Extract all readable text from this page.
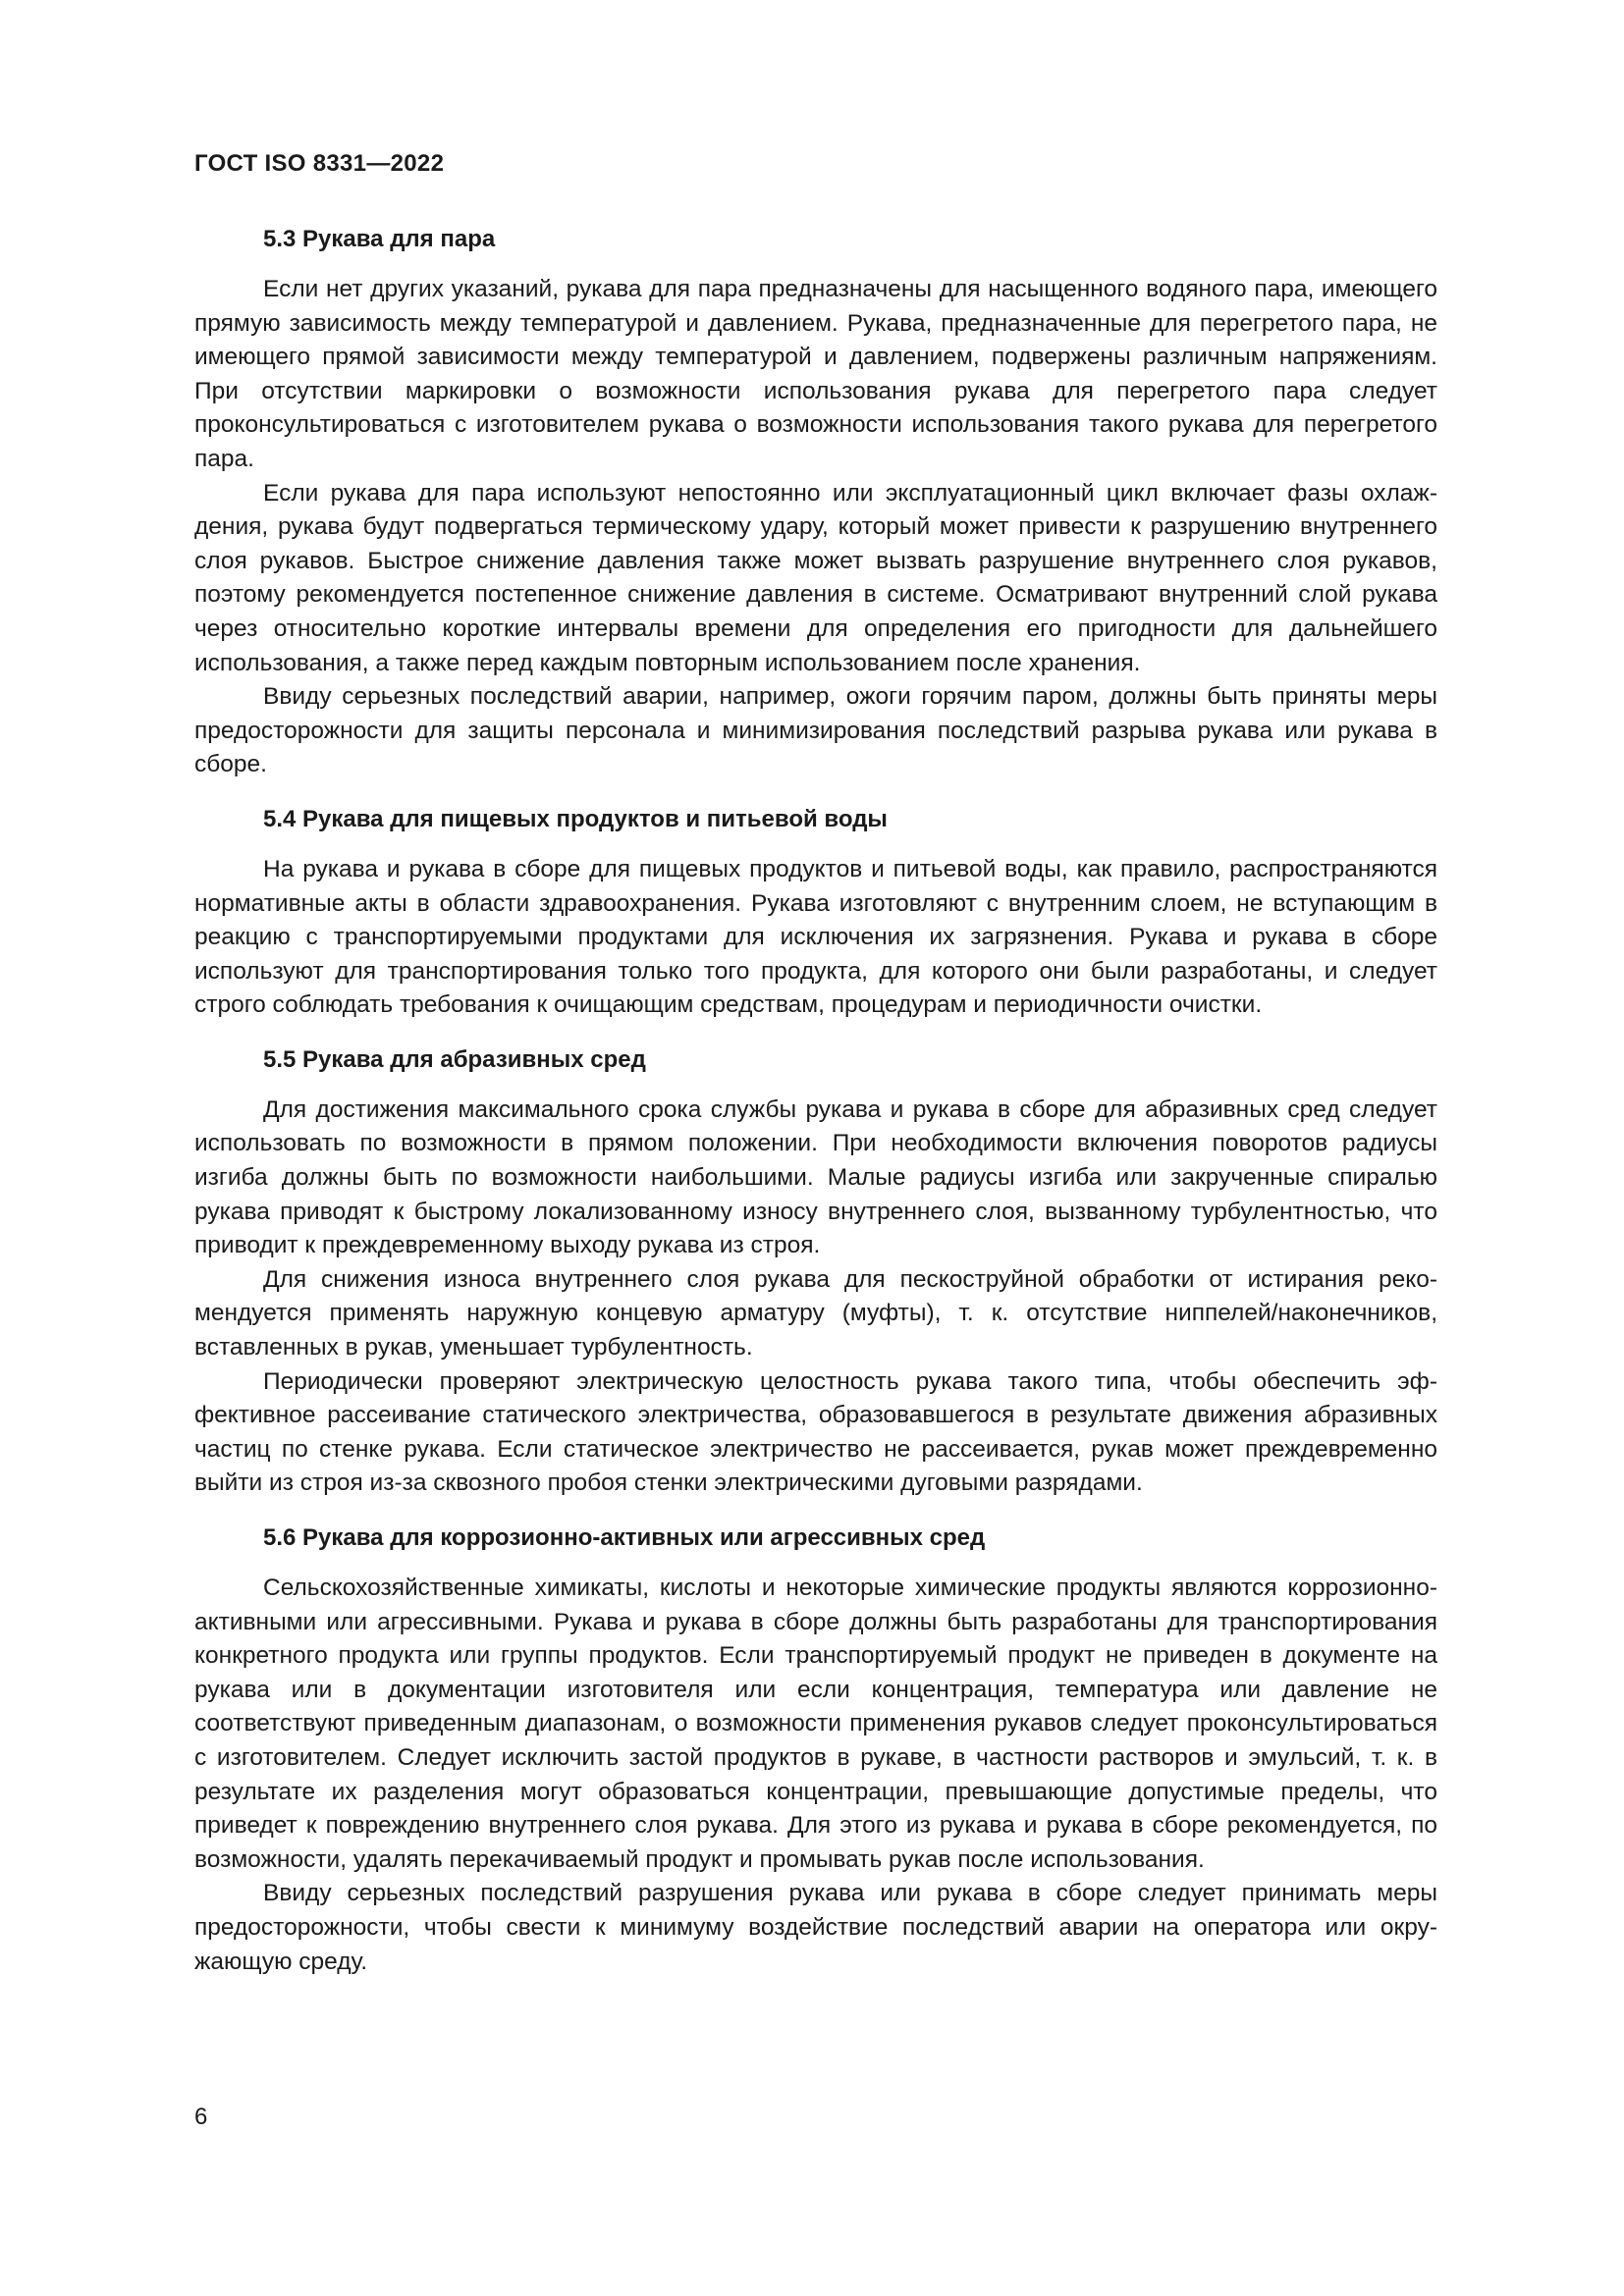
ГОСТ ISO 8331—2022
5.3 Рукава для пара

Если нет других указаний, рукава для пара предназначены для насыщенного водяного пара, имеющего прямую зависимость между температурой и давлением. Рукава, предназначенные для перегретого пара, не имеющего прямой зависимости между температурой и давлением, подвержены различным напряжениям. При отсутствии маркировки о возможности использования рукава для перегретого пара следует проконсультироваться с изготовителем рукава о возможности использования такого рукава для перегретого пара.

Если рукава для пара используют непостоянно или эксплуатационный цикл включает фазы охлаждения, рукава будут подвергаться термическому удару, который может привести к разрушению внутреннего слоя рукавов. Быстрое снижение давления также может вызвать разрушение внутреннего слоя рукавов, поэтому рекомендуется постепенное снижение давления в системе. Осматривают внутренний слой рукава через относительно короткие интервалы времени для определения его пригодности для дальнейшего использования, а также перед каждым повторным использованием после хранения.

Ввиду серьезных последствий аварии, например, ожоги горячим паром, должны быть приняты меры предосторожности для защиты персонала и минимизирования последствий разрыва рукава или рукава в сборе.

5.4 Рукава для пищевых продуктов и питьевой воды

На рукава и рукава в сборе для пищевых продуктов и питьевой воды, как правило, распространяются нормативные акты в области здравоохранения. Рукава изготовляют с внутренним слоем, не вступающим в реакцию с транспортируемыми продуктами для исключения их загрязнения. Рукава и рукава в сборе используют для транспортирования только того продукта, для которого они были разработаны, и следует строго соблюдать требования к очищающим средствам, процедурам и периодичности очистки.

5.5 Рукава для абразивных сред

Для достижения максимального срока службы рукава и рукава в сборе для абразивных сред следует использовать по возможности в прямом положении. При необходимости включения поворотов радиусы изгиба должны быть по возможности наибольшими. Малые радиусы изгиба или закрученные спиралью рукава приводят к быстрому локализованному износу внутреннего слоя, вызванному турбулентностью, что приводит к преждевременному выходу рукава из строя.

Для снижения износа внутреннего слоя рукава для пескоструйной обработки от истирания рекомендуется применять наружную концевую арматуру (муфты), т. к. отсутствие ниппелей/наконечников, вставленных в рукав, уменьшает турбулентность.

Периодически проверяют электрическую целостность рукава такого типа, чтобы обеспечить эффективное рассеивание статического электричества, образовавшегося в результате движения абразивных частиц по стенке рукава. Если статическое электричество не рассеивается, рукав может преждевременно выйти из строя из-за сквозного пробоя стенки электрическими дуговыми разрядами.

5.6 Рукава для коррозионно-активных или агрессивных сред

Сельскохозяйственные химикаты, кислоты и некоторые химические продукты являются коррозионно-активными или агрессивными. Рукава и рукава в сборе должны быть разработаны для транспортирования конкретного продукта или группы продуктов. Если транспортируемый продукт не приведен в документе на рукава или в документации изготовителя или если концентрация, температура или давление не соответствуют приведенным диапазонам, о возможности применения рукавов следует проконсультироваться с изготовителем. Следует исключить застой продуктов в рукаве, в частности растворов и эмульсий, т. к. в результате их разделения могут образоваться концентрации, превышающие допустимые пределы, что приведет к повреждению внутреннего слоя рукава. Для этого из рукава и рукава в сборе рекомендуется, по возможности, удалять перекачиваемый продукт и промывать рукав после использования.

Ввиду серьезных последствий разрушения рукава или рукава в сборе следует принимать меры предосторожности, чтобы свести к минимуму воздействие последствий аварии на оператора или окружающую среду.

6
